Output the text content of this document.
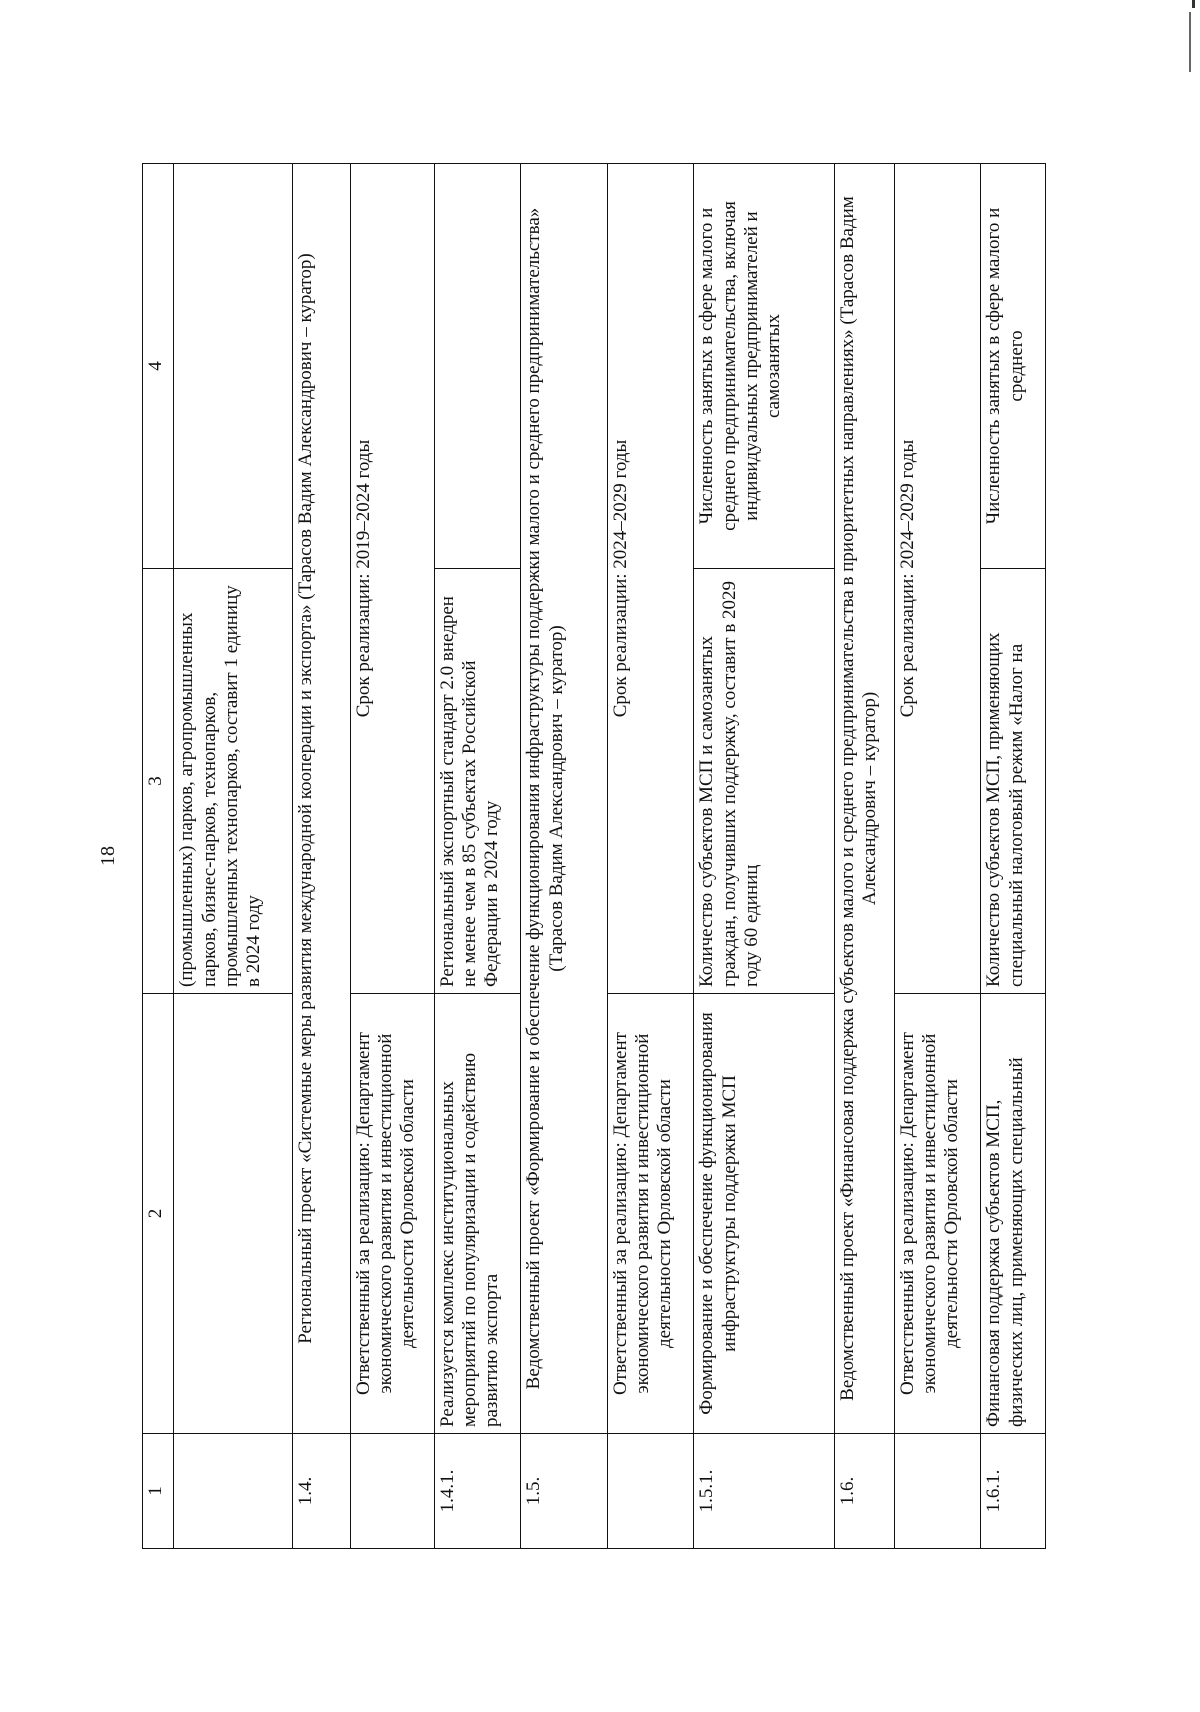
18
1	2	3	4
		(промышленных) парков, агропромышленных парков, бизнес-парков, технопарков, промышленных технопарков, составит 1 единицу в 2024 году	
1.4.	Региональный проект «Системные меры развития международной кооперации и экспорта» (Тарасов Вадим Александрович – куратор)		
	Ответственный за реализацию: Департамент экономического развития и инвестиционной деятельности Орловской области	Срок реализации: 2019–2024 годы	
1.4.1.	Реализуется комплекс институциональных мероприятий по популяризации и содействию развитию экспорта	Региональный экспортный стандарт 2.0 внедрен не менее чем в 85 субъектах Российской Федерации в 2024 году	
1.5.	Ведомственный проект «Формирование и обеспечение функционирования инфраструктуры поддержки малого и среднего предпринимательства» (Тарасов Вадим Александрович – куратор)		
	Ответственный за реализацию: Департамент экономического развития и инвестиционной деятельности Орловской области	Срок реализации: 2024–2029 годы	
1.5.1.	Формирование и обеспечение функционирования инфраструктуры поддержки МСП	Количество субъектов МСП и самозанятых граждан, получивших поддержку, составит в 2029 году 60 единиц	Численность занятых в сфере малого и среднего предпринимательства, включая индивидуальных предпринимателей и самозанятых
1.6.	Ведомственный проект «Финансовая поддержка субъектов малого и среднего предпринимательства в приоритетных направлениях» (Тарасов Вадим Александрович – куратор)		
	Ответственный за реализацию: Департамент экономического развития и инвестиционной деятельности Орловской области	Срок реализации: 2024–2029 годы	
1.6.1.	Финансовая поддержка субъектов МСП, физических лиц, применяющих специальный	Количество субъектов МСП, применяющих специальный налоговый режим «Налог на	Численность занятых в сфере малого и среднего
